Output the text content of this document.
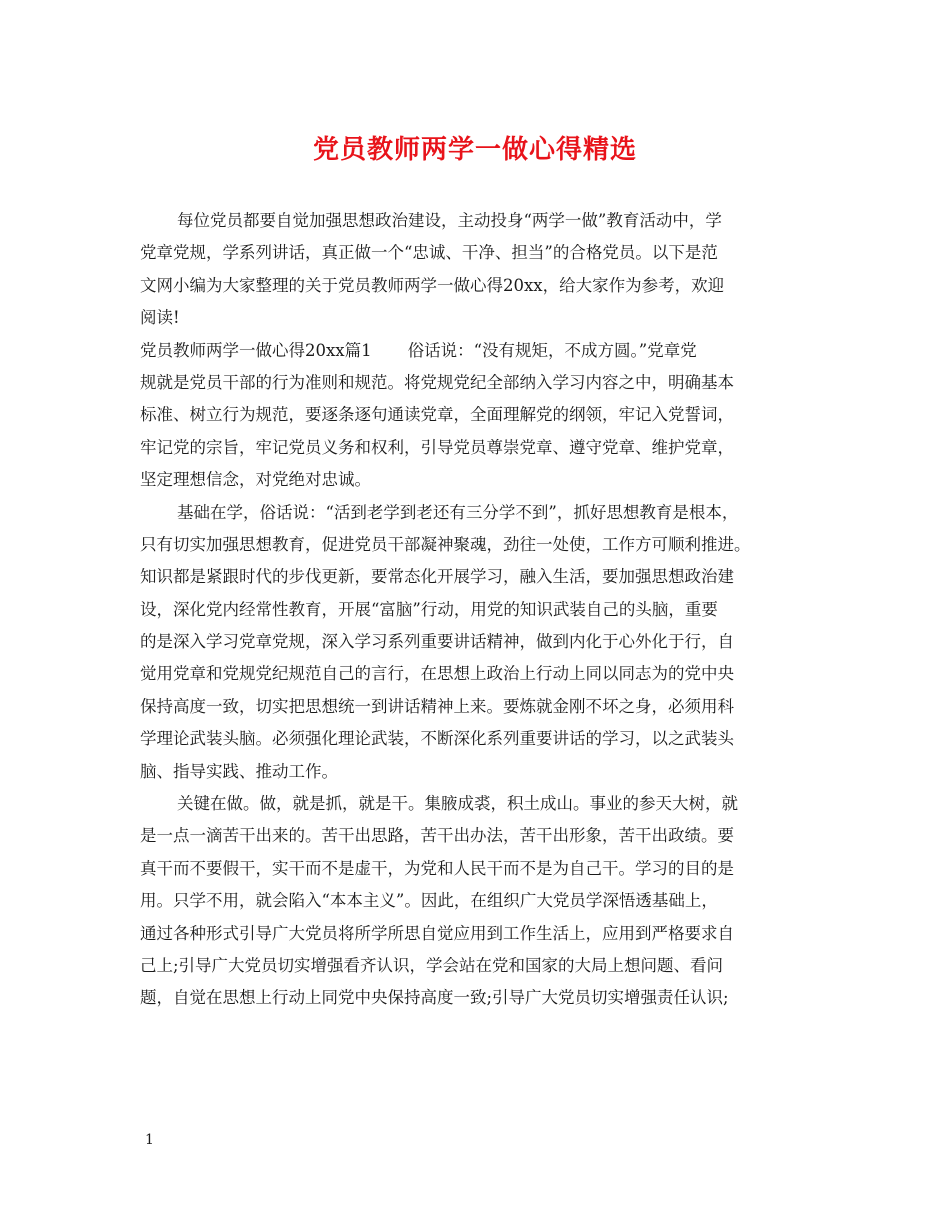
党员教师两学一做心得精选
每位党员都要自觉加强思想政治建设，主动投身“两学一做”教育活动中，学
党章党规，学系列讲话，真正做一个“忠诚、干净、担当”的合格党员。以下是范
文网小编为大家整理的关于党员教师两学一做心得20xx，给大家作为参考，欢迎
阅读!
党员教师两学一做心得20xx篇1 俗话说：“没有规矩，不成方圆。”党章党
规就是党员干部的行为准则和规范。将党规党纪全部纳入学习内容之中，明确基本
标准、树立行为规范，要逐条逐句通读党章，全面理解党的纲领，牢记入党誓词，
牢记党的宗旨，牢记党员义务和权利，引导党员尊崇党章、遵守党章、维护党章，
坚定理想信念，对党绝对忠诚。
基础在学，俗话说：“活到老学到老还有三分学不到”，抓好思想教育是根本，
只有切实加强思想教育，促进党员干部凝神聚魂，劲往一处使，工作方可顺利推进。
知识都是紧跟时代的步伐更新，要常态化开展学习，融入生活，要加强思想政治建
设，深化党内经常性教育，开展“富脑”行动，用党的知识武装自己的头脑，重要
的是深入学习党章党规，深入学习系列重要讲话精神，做到内化于心外化于行，自
觉用党章和党规党纪规范自己的言行，在思想上政治上行动上同以同志为的党中央
保持高度一致，切实把思想统一到讲话精神上来。要炼就金刚不坏之身，必须用科
学理论武装头脑。必须强化理论武装，不断深化系列重要讲话的学习，以之武装头
脑、指导实践、推动工作。
关键在做。做，就是抓，就是干。集腋成裘，积土成山。事业的参天大树，就
是一点一滴苦干出来的。苦干出思路，苦干出办法，苦干出形象，苦干出政绩。要
真干而不要假干，实干而不是虚干，为党和人民干而不是为自己干。学习的目的是
用。只学不用，就会陷入“本本主义”。因此，在组织广大党员学深悟透基础上，
通过各种形式引导广大党员将所学所思自觉应用到工作生活上，应用到严格要求自
己上;引导广大党员切实增强看齐认识，学会站在党和国家的大局上想问题、看问
题，自觉在思想上行动上同党中央保持高度一致;引导广大党员切实增强责任认识;
1
